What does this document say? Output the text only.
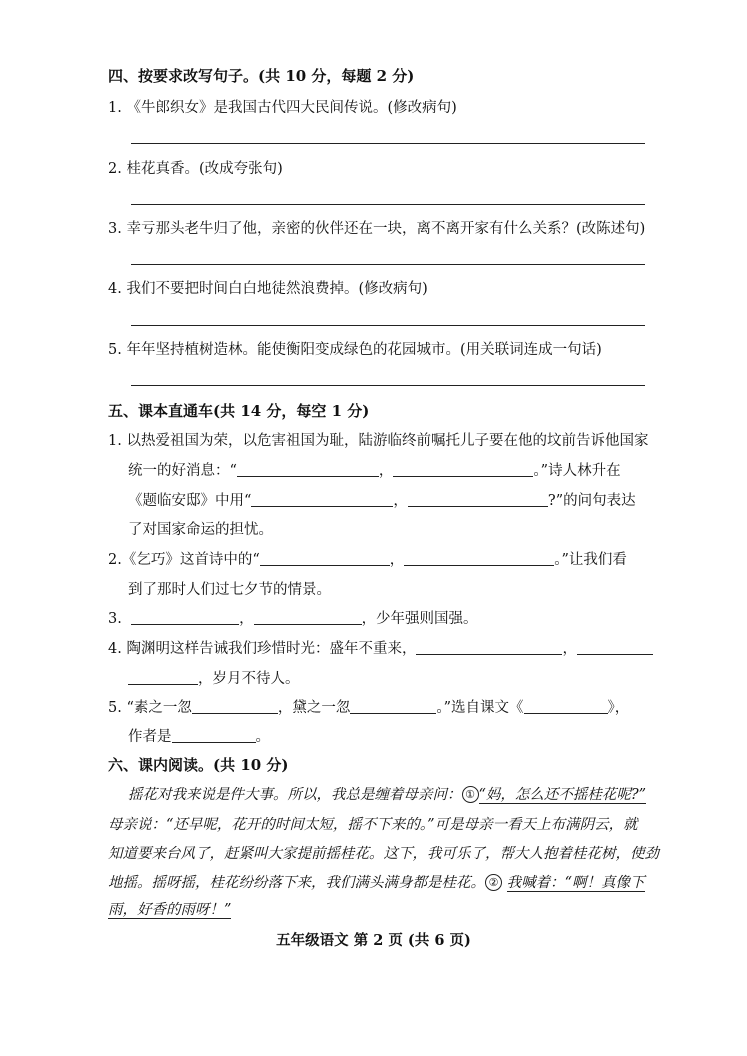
四、按要求改写句子。(共 10 分，每题 2 分)
1. 《牛郎织女》是我国古代四大民间传说。(修改病句)
2. 桂花真香。(改成夸张句)
3. 幸亏那头老牛归了他，亲密的伙伴还在一块，离不离开家有什么关系？(改陈述句)
4. 我们不要把时间白白地徒然浪费掉。(修改病句)
5. 年年坚持植树造林。能使衡阳变成绿色的花园城市。(用关联词连成一句话)
五、课本直通车(共 14 分，每空 1 分)
1. 以热爱祖国为荣，以危害祖国为耻，陆游临终前嘱托儿子要在他的坟前告诉他国家
统一的好消息：“	，	。”诗人林升在
《题临安邸》中用“	，	?”的问句表达
了对国家命运的担忧。
2.《乞巧》这首诗中的“	，	。”让我们看
到了那时人们过七夕节的情景。
3.	，	，少年强则国强。
4. 陶渊明这样告诫我们珍惜时光：盛年不重来，	，
，岁月不待人。
5. “素之一忽	，黛之一忽	。”选自课文《	》，
作者是	。
六、课内阅读。(共 10 分)
摇花对我来说是件大事。所以，我总是缠着母亲问： ① “妈，怎么还不摇桂花呢?”
母亲说：“还早呢，花开的时间太短，摇不下来的。”可是母亲一看天上布满阴云，就
知道要来台风了，赶紧叫大家提前摇桂花。这下，我可乐了，帮大人抱着桂花树，使劲
地摇。摇呀摇，桂花纷纷落下来，我们满头满身都是桂花。 ② 我喊着：“啊！真像下
雨，好香的雨呀！”
五年级语文 第 2 页 (共 6 页)
